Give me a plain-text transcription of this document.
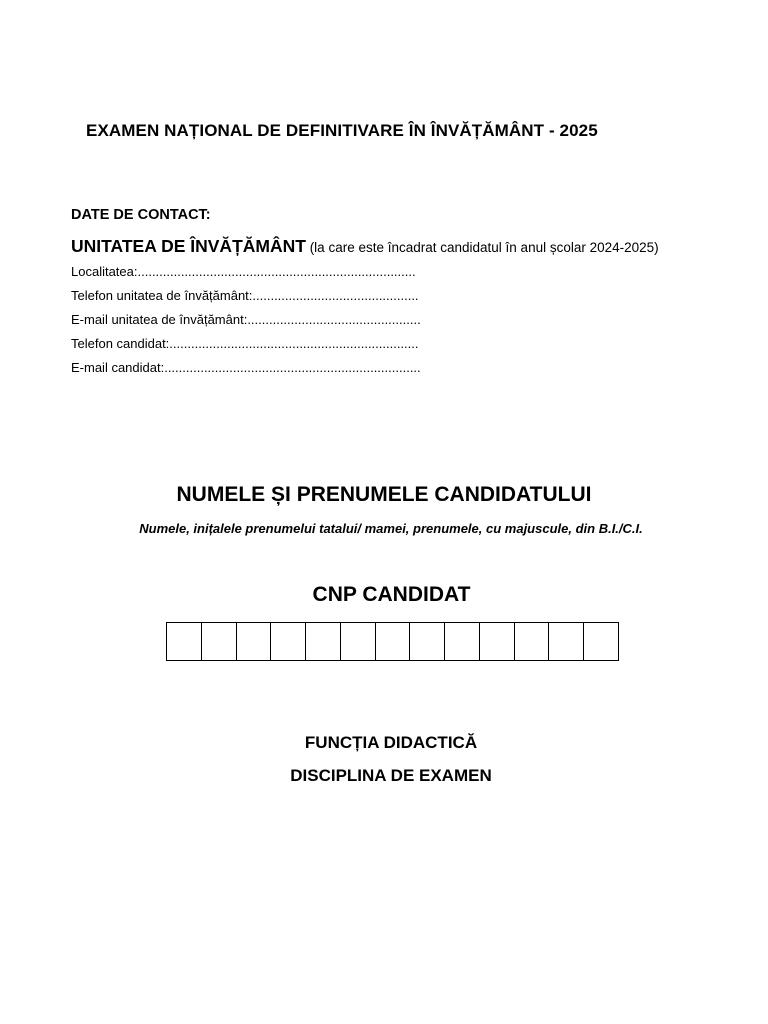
EXAMEN NAȚIONAL DE DEFINITIVARE ÎN ÎNVĂȚĂMÂNT - 2025
DATE DE CONTACT:
UNITATEA DE ÎNVĂȚĂMÂNT (la care este încadrat candidatul în anul școlar 2024-2025)
Localitatea:.............................................................................
Telefon unitatea de învățământ:..............................................
E-mail unitatea de învățământ:................................................
Telefon candidat:.....................................................................
E-mail candidat:.......................................................................
NUMELE ȘI PRENUMELE CANDIDATULUI
Numele, inițalele prenumelui tatalui/ mamei, prenumele, cu majuscule, din B.I./C.I.
CNP CANDIDAT
FUNCȚIA DIDACTICĂ
DISCIPLINA DE EXAMEN
